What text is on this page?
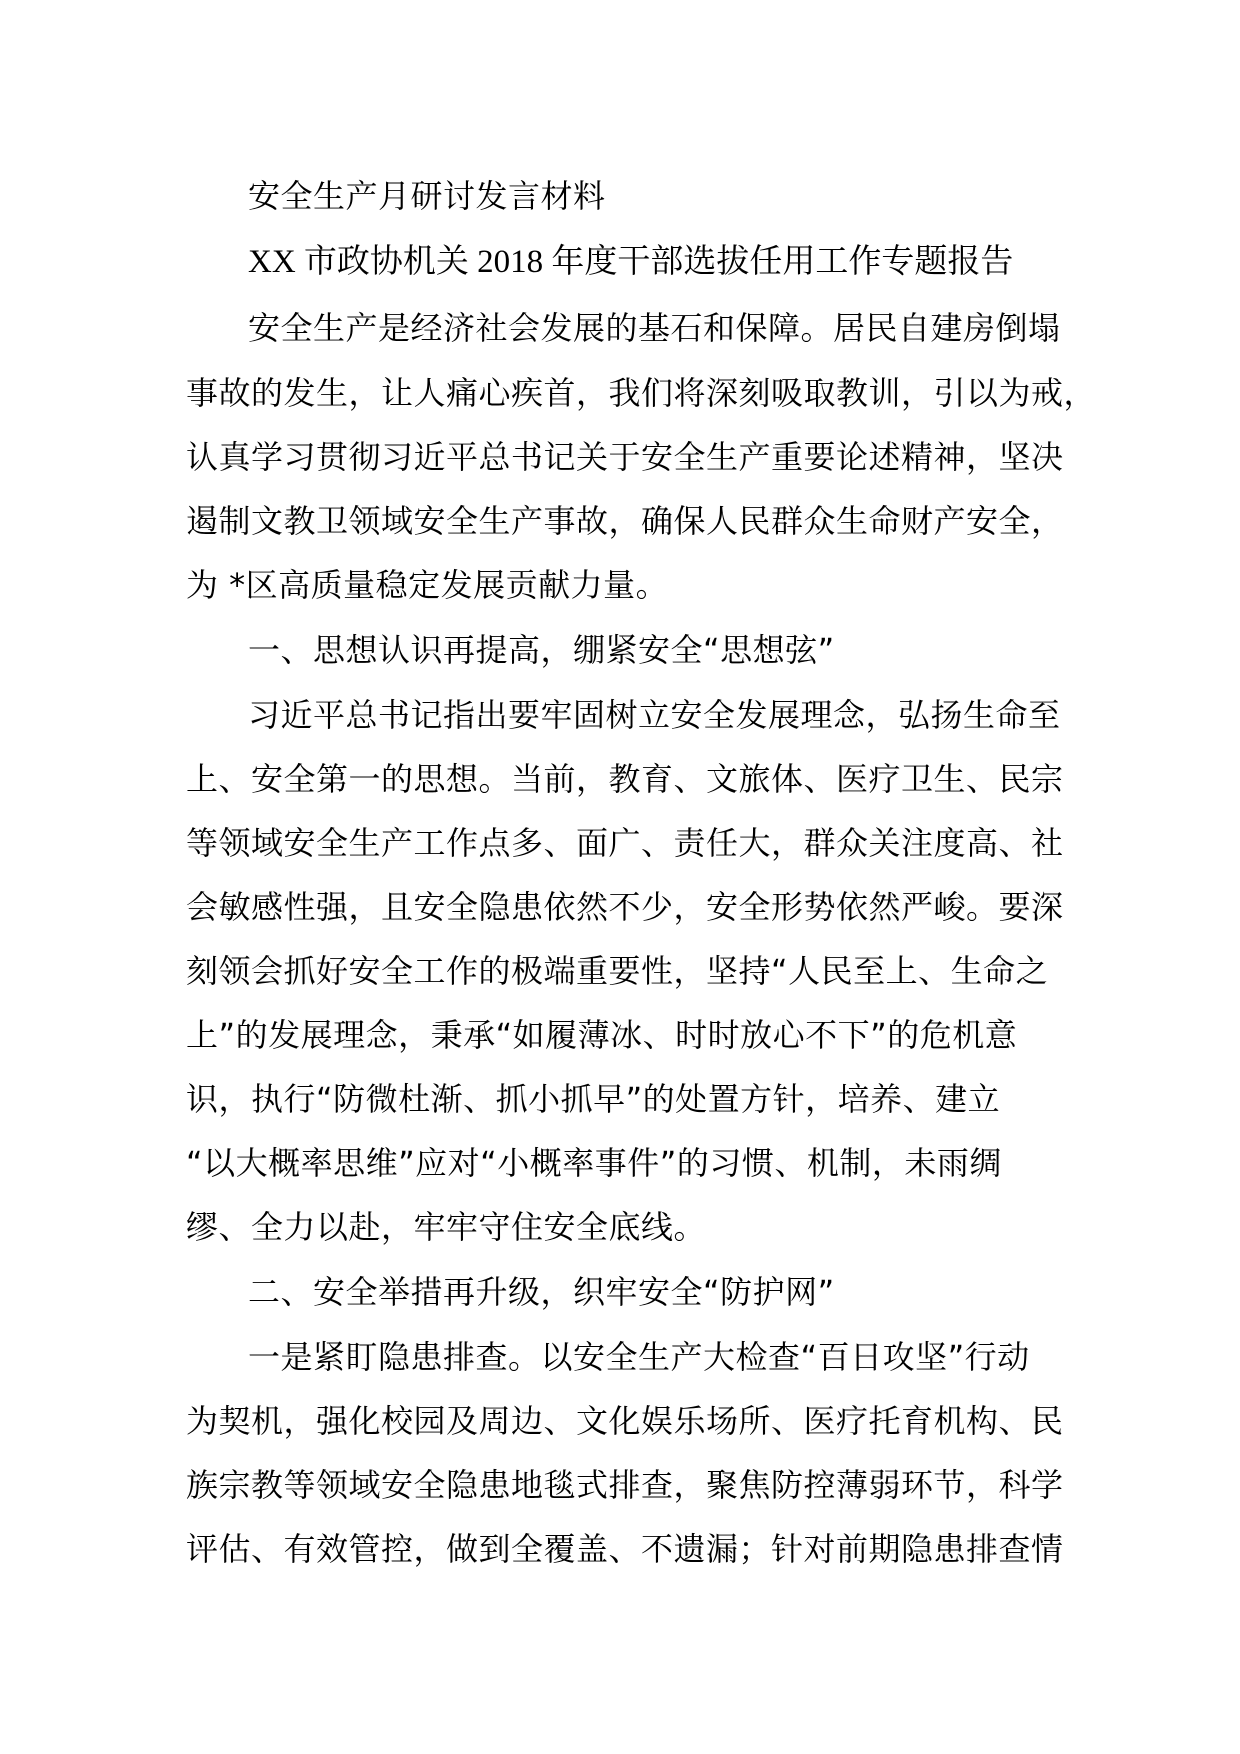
安全生产月研讨发言材料
XX 市政协机关 2018 年度干部选拔任用工作专题报告
安全生产是经济社会发展的基石和保障。居民自建房倒塌
事故的发生，让人痛心疾首，我们将深刻吸取教训，引以为戒，
认真学习贯彻习近平总书记关于安全生产重要论述精神，坚决
遏制文教卫领域安全生产事故，确保人民群众生命财产安全，
为 *区高质量稳定发展贡献力量。
一、思想认识再提高，绷紧安全“思想弦”
习近平总书记指出要牢固树立安全发展理念，弘扬生命至
上、安全第一的思想。当前，教育、文旅体、医疗卫生、民宗
等领域安全生产工作点多、面广、责任大，群众关注度高、社
会敏感性强，且安全隐患依然不少，安全形势依然严峻。要深
刻领会抓好安全工作的极端重要性，坚持“人民至上、生命之
上”的发展理念，秉承“如履薄冰、时时放心不下”的危机意
识，执行“防微杜渐、抓小抓早”的处置方针，培养、建立
“以大概率思维”应对“小概率事件”的习惯、机制，未雨绸
缪、全力以赴，牢牢守住安全底线。
二、安全举措再升级，织牢安全“防护网”
一是紧盯隐患排查。以安全生产大检查“百日攻坚”行动
为契机，强化校园及周边、文化娱乐场所、医疗托育机构、民
族宗教等领域安全隐患地毯式排查，聚焦防控薄弱环节，科学
评估、有效管控，做到全覆盖、不遗漏；针对前期隐患排查情
